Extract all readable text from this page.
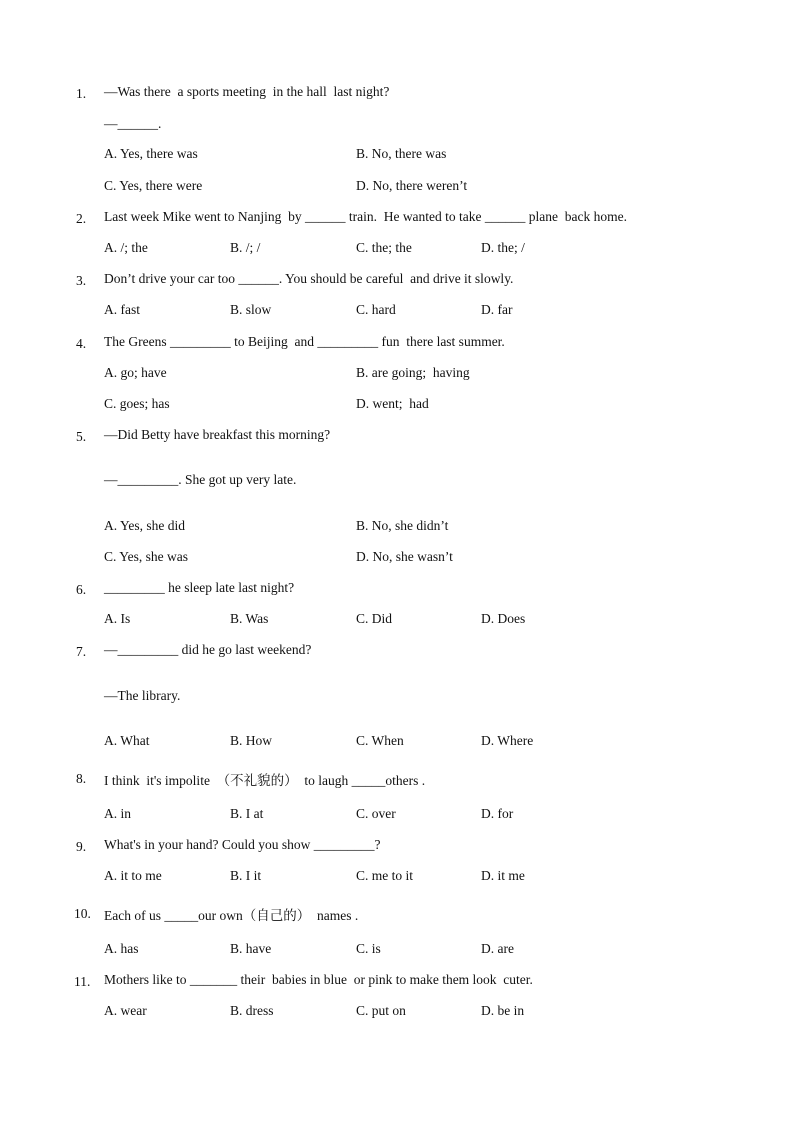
1.	—Was there  a sports meeting  in the hall  last night?
—______.
A. Yes, there was	B. No, there was
C. Yes, there were	D. No, there weren’t
2.	Last week Mike went to Nanjing  by ______ train.  He wanted to take ______ plane  back home.
A. /; the	B. /; /	C. the; the	D. the; /
3.	Don’t drive your car too ______. You should be careful  and drive it slowly.
A. fast	B. slow	C. hard	D. far
4.	The Greens _________ to Beijing  and _________ fun  there last summer.
A. go; have	B. are going;  having
C. goes; has	D. went;  had
5.	—Did Betty have breakfast this morning?
—_________. She got up very late.
A. Yes, she did	B. No, she didn’t
C. Yes, she was	D. No, she wasn’t
6.	_________ he sleep late last night?
A. Is	B. Was	C. Did	D. Does
7.	—_________ did he go last weekend?
—The library.
A. What	B. How	C. When	D. Where
8.	I think  it's impolite  （不礼貌的）  to laugh _____others .
A. in	B. I at	C. over	D. for
9.	What's in your hand? Could you show _________?
A. it to me	B. I it	C. me to it	D. it me
10. Each of us _____our own（自己的）  names .
A. has	B. have	C. is	D. are
11.	Mothers like to _______ their  babies in blue  or pink to make them look  cuter.
A. wear	B. dress	C. put on	D. be in
